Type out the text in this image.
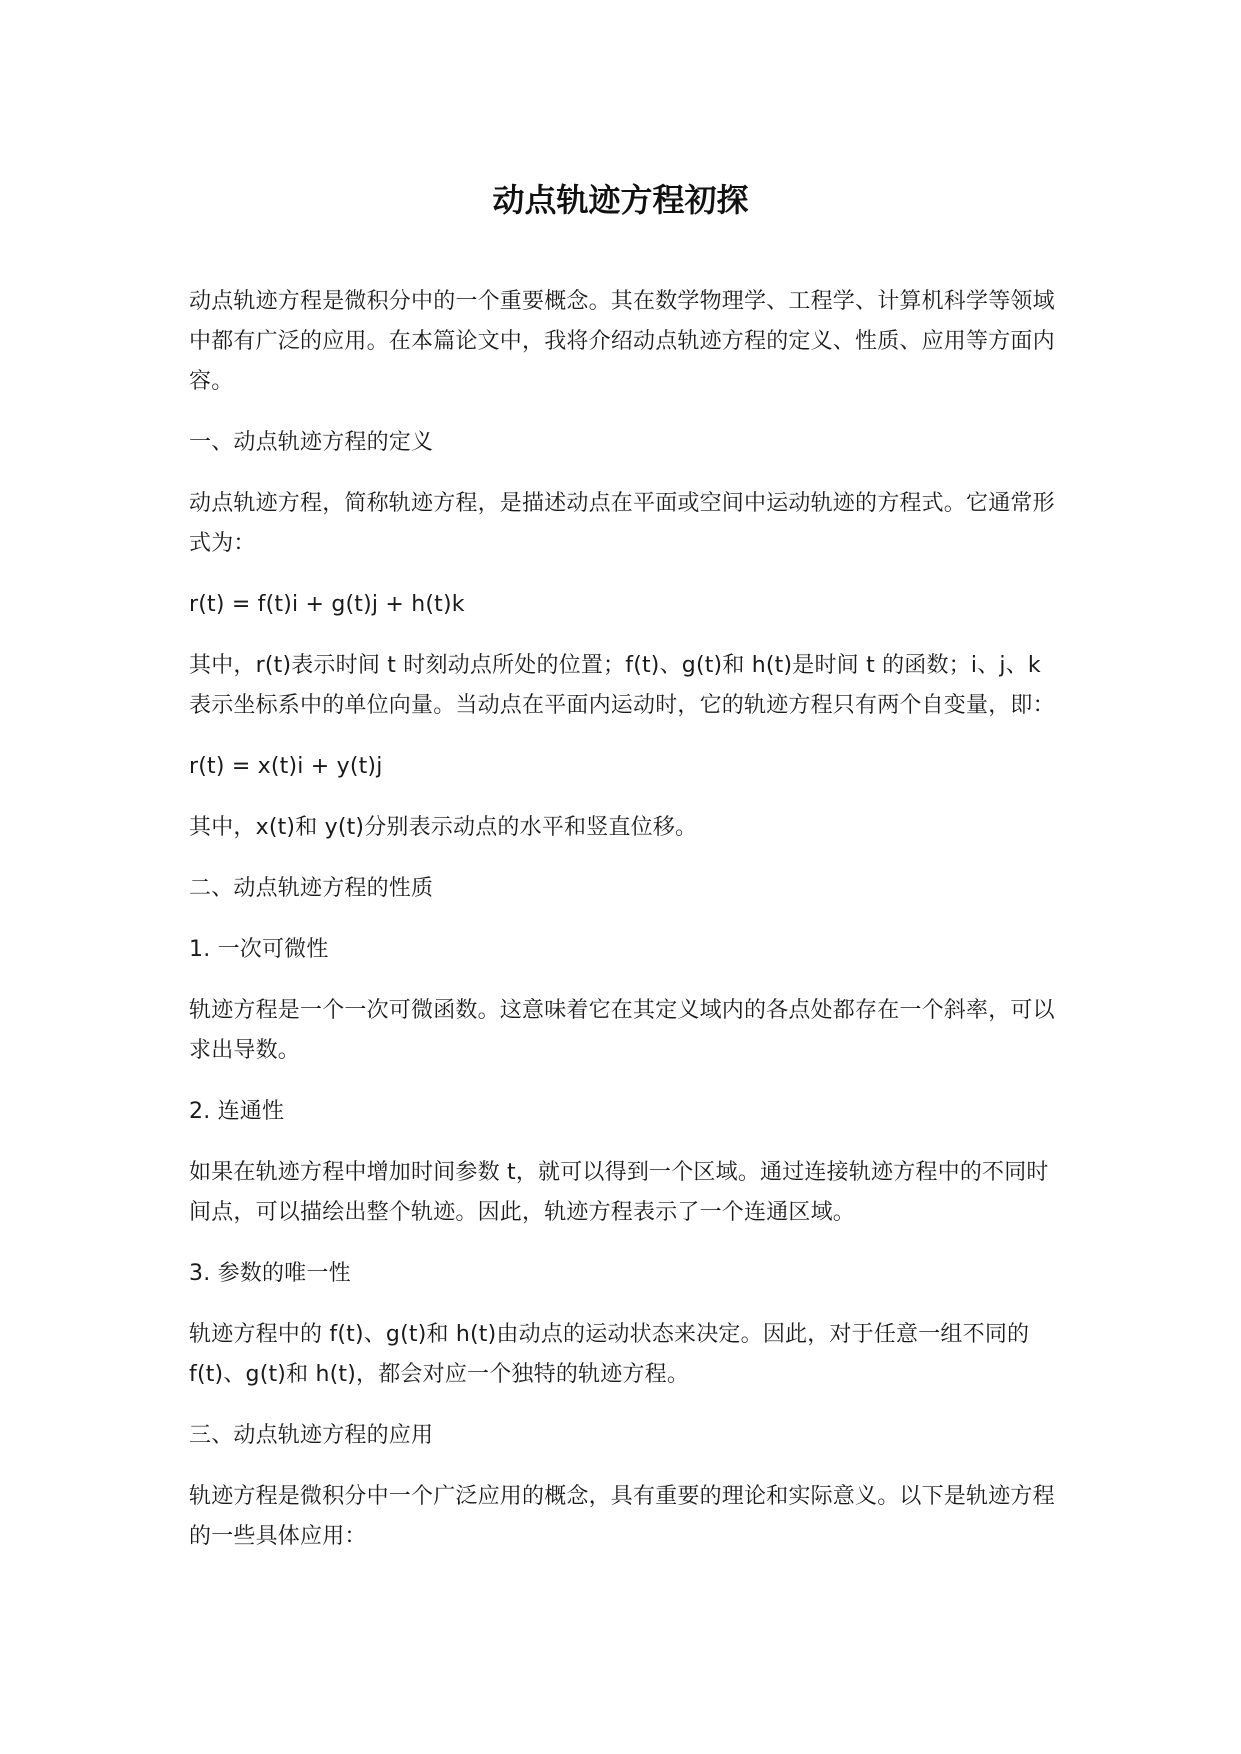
动点轨迹方程初探

动点轨迹方程是微积分中的一个重要概念。其在数学物理学、工程学、计算机科学等领域中都有广泛的应用。在本篇论文中，我将介绍动点轨迹方程的定义、性质、应用等方面内容。

一、动点轨迹方程的定义

动点轨迹方程，简称轨迹方程，是描述动点在平面或空间中运动轨迹的方程式。它通常形式为：

r(t) = f(t)i + g(t)j + h(t)k

其中，r(t)表示时间 t 时刻动点所处的位置；f(t)、g(t)和 h(t)是时间 t 的函数；i、j、k 表示坐标系中的单位向量。当动点在平面内运动时，它的轨迹方程只有两个自变量，即：

r(t) = x(t)i + y(t)j

其中，x(t)和 y(t)分别表示动点的水平和竖直位移。

二、动点轨迹方程的性质

1. 一次可微性

轨迹方程是一个一次可微函数。这意味着它在其定义域内的各点处都存在一个斜率，可以求出导数。

2. 连通性

如果在轨迹方程中增加时间参数 t，就可以得到一个区域。通过连接轨迹方程中的不同时间点，可以描绘出整个轨迹。因此，轨迹方程表示了一个连通区域。

3. 参数的唯一性

轨迹方程中的 f(t)、g(t)和 h(t)由动点的运动状态来决定。因此，对于任意一组不同的f(t)、g(t)和 h(t)，都会对应一个独特的轨迹方程。

三、动点轨迹方程的应用

轨迹方程是微积分中一个广泛应用的概念，具有重要的理论和实际意义。以下是轨迹方程的一些具体应用：
